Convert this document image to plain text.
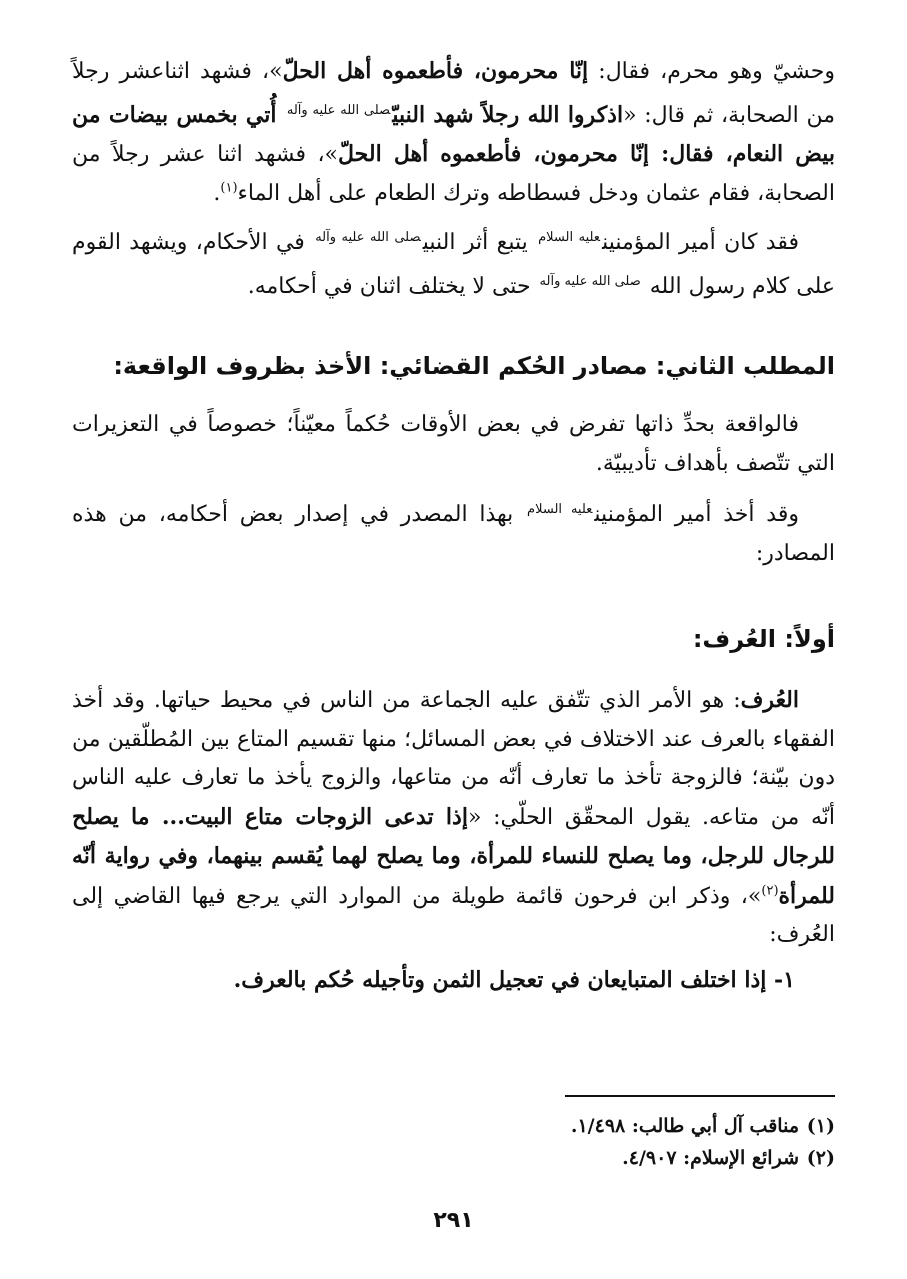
وحشيّ وهو محرم، فقال: إنّا محرمون، فأطعموه أهل الحلّ»، فشهد اثناعشر رجلاً من الصحابة، ثم قال: «اذكروا الله رجلاً شهد النبيّ$^{صلى الله عليه وآله}$ أُتي بخمس بيضات من بيض النعام، فقال: إنّا محرمون، فأطعموه أهل الحلّ»، فشهد اثنا عشر رجلاً من الصحابة، فقام عثمان ودخل فسطاطه وترك الطعام على أهل الماء$^{(١)}$.

فقد كان أمير المؤمنين$^{عليه السلام}$ يتبع أثر النبي$^{صلى الله عليه وآله}$ في الأحكام، ويشهد القوم على كلام رسول الله $^{صلى الله عليه وآله}$ حتى لا يختلف اثنان في أحكامه.

المطلب الثاني: مصادر الحُكم القضائي: الأخذ بظروف الواقعة:

فالواقعة بحدِّ ذاتها تفرض في بعض الأوقات حُكماً معيّناً؛ خصوصاً في التعزيرات التي تتّصف بأهداف تأديبيّة.

وقد أخذ أمير المؤمنين$^{عليه السلام}$ بهذا المصدر في إصدار بعض أحكامه، من هذه المصادر:

أولاً: العُرف:

العُرف: هو الأمر الذي تتّفق عليه الجماعة من الناس في محيط حياتها. وقد أخذ الفقهاء بالعرف عند الاختلاف في بعض المسائل؛ منها تقسيم المتاع بين المُطلّقين من دون بيّنة؛ فالزوجة تأخذ ما تعارف أنّه من متاعها، والزوج يأخذ ما تعارف عليه الناس أنّه من متاعه. يقول المحقّق الحلّي: «إذا تدعى الزوجات متاع البيت... ما يصلح للرجال للرجل، وما يصلح للنساء للمرأة، وما يصلح لهما يُقسم بينهما، وفي رواية أنّه للمرأة$^{(٢)}$»، وذكر ابن فرحون قائمة طويلة من الموارد التي يرجع فيها القاضي إلى العُرف:

١- إذا اختلف المتبايعان في تعجيل الثمن وتأجيله حُكم بالعرف.
(١)مناقب آل أبي طالب: ١/٤٩٨.
(٢)شرائع الإسلام: ٤/٩٠٧.
٢٩١
